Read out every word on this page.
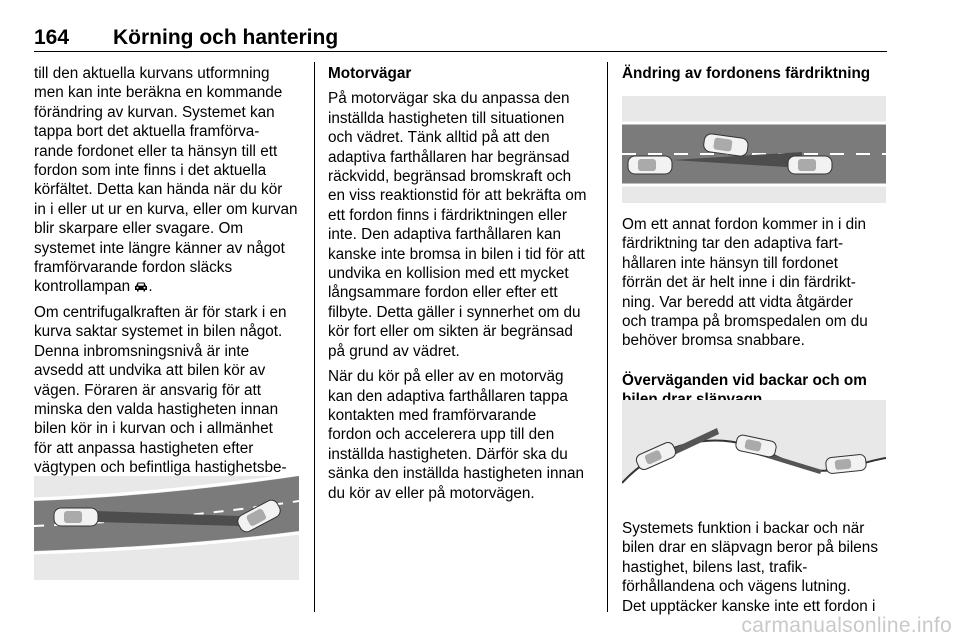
164 Körning och hantering

till den aktuella kurvans utformning
men kan inte beräkna en kommande
förändring av kurvan. Systemet kan
tappa bort det aktuella framförva-
rande fordonet eller ta hänsyn till ett
fordon som inte finns i det aktuella
körfältet. Detta kan hända när du kör
in i eller ut ur en kurva, eller om kurvan
blir skarpare eller svagare. Om
systemet inte längre känner av något
framförvarande fordon släcks
kontrollampan .

Om centrifugalkraften är för stark i en
kurva saktar systemet in bilen något.
Denna inbromsningsnivå är inte
avsedd att undvika att bilen kör av
vägen. Föraren är ansvarig för att
minska den valda hastigheten innan
bilen kör in i kurvan och i allmänhet
för att anpassa hastigheten efter
vägtypen och befintliga hastighetsbe-

Motorvägar

På motorvägar ska du anpassa den
inställda hastigheten till situationen
och vädret. Tänk alltid på att den
adaptiva farthållaren har begränsad
räckvidd, begränsad bromskraft och
en viss reaktionstid för att bekräfta om
ett fordon finns i färdriktningen eller
inte. Den adaptiva farthållaren kan
kanske inte bromsa in bilen i tid för att
undvika en kollision med ett mycket
långsammare fordon eller efter ett
filbyte. Detta gäller i synnerhet om du
kör fort eller om sikten är begränsad
på grund av vädret.

När du kör på eller av en motorväg
kan den adaptiva farthållaren tappa
kontakten med framförvarande
fordon och accelerera upp till den
inställda hastigheten. Därför ska du
sänka den inställda hastigheten innan
du kör av eller på motorvägen.

Ändring av fordonens färdriktning

Om ett annat fordon kommer in i din
färdriktning tar den adaptiva fart-
hållaren inte hänsyn till fordonet
förrän det är helt inne i din färdrikt-
ning. Var beredd att vidta åtgärder
och trampa på bromspedalen om du
behöver bromsa snabbare.

Överväganden vid backar och om

Systemets funktion i backar och när
bilen drar en släpvagn beror på bilens
hastighet, bilens last, trafik-
förhållandena och vägens lutning.
Det upptäcker kanske inte ett fordon i

carmanualsonline.info
